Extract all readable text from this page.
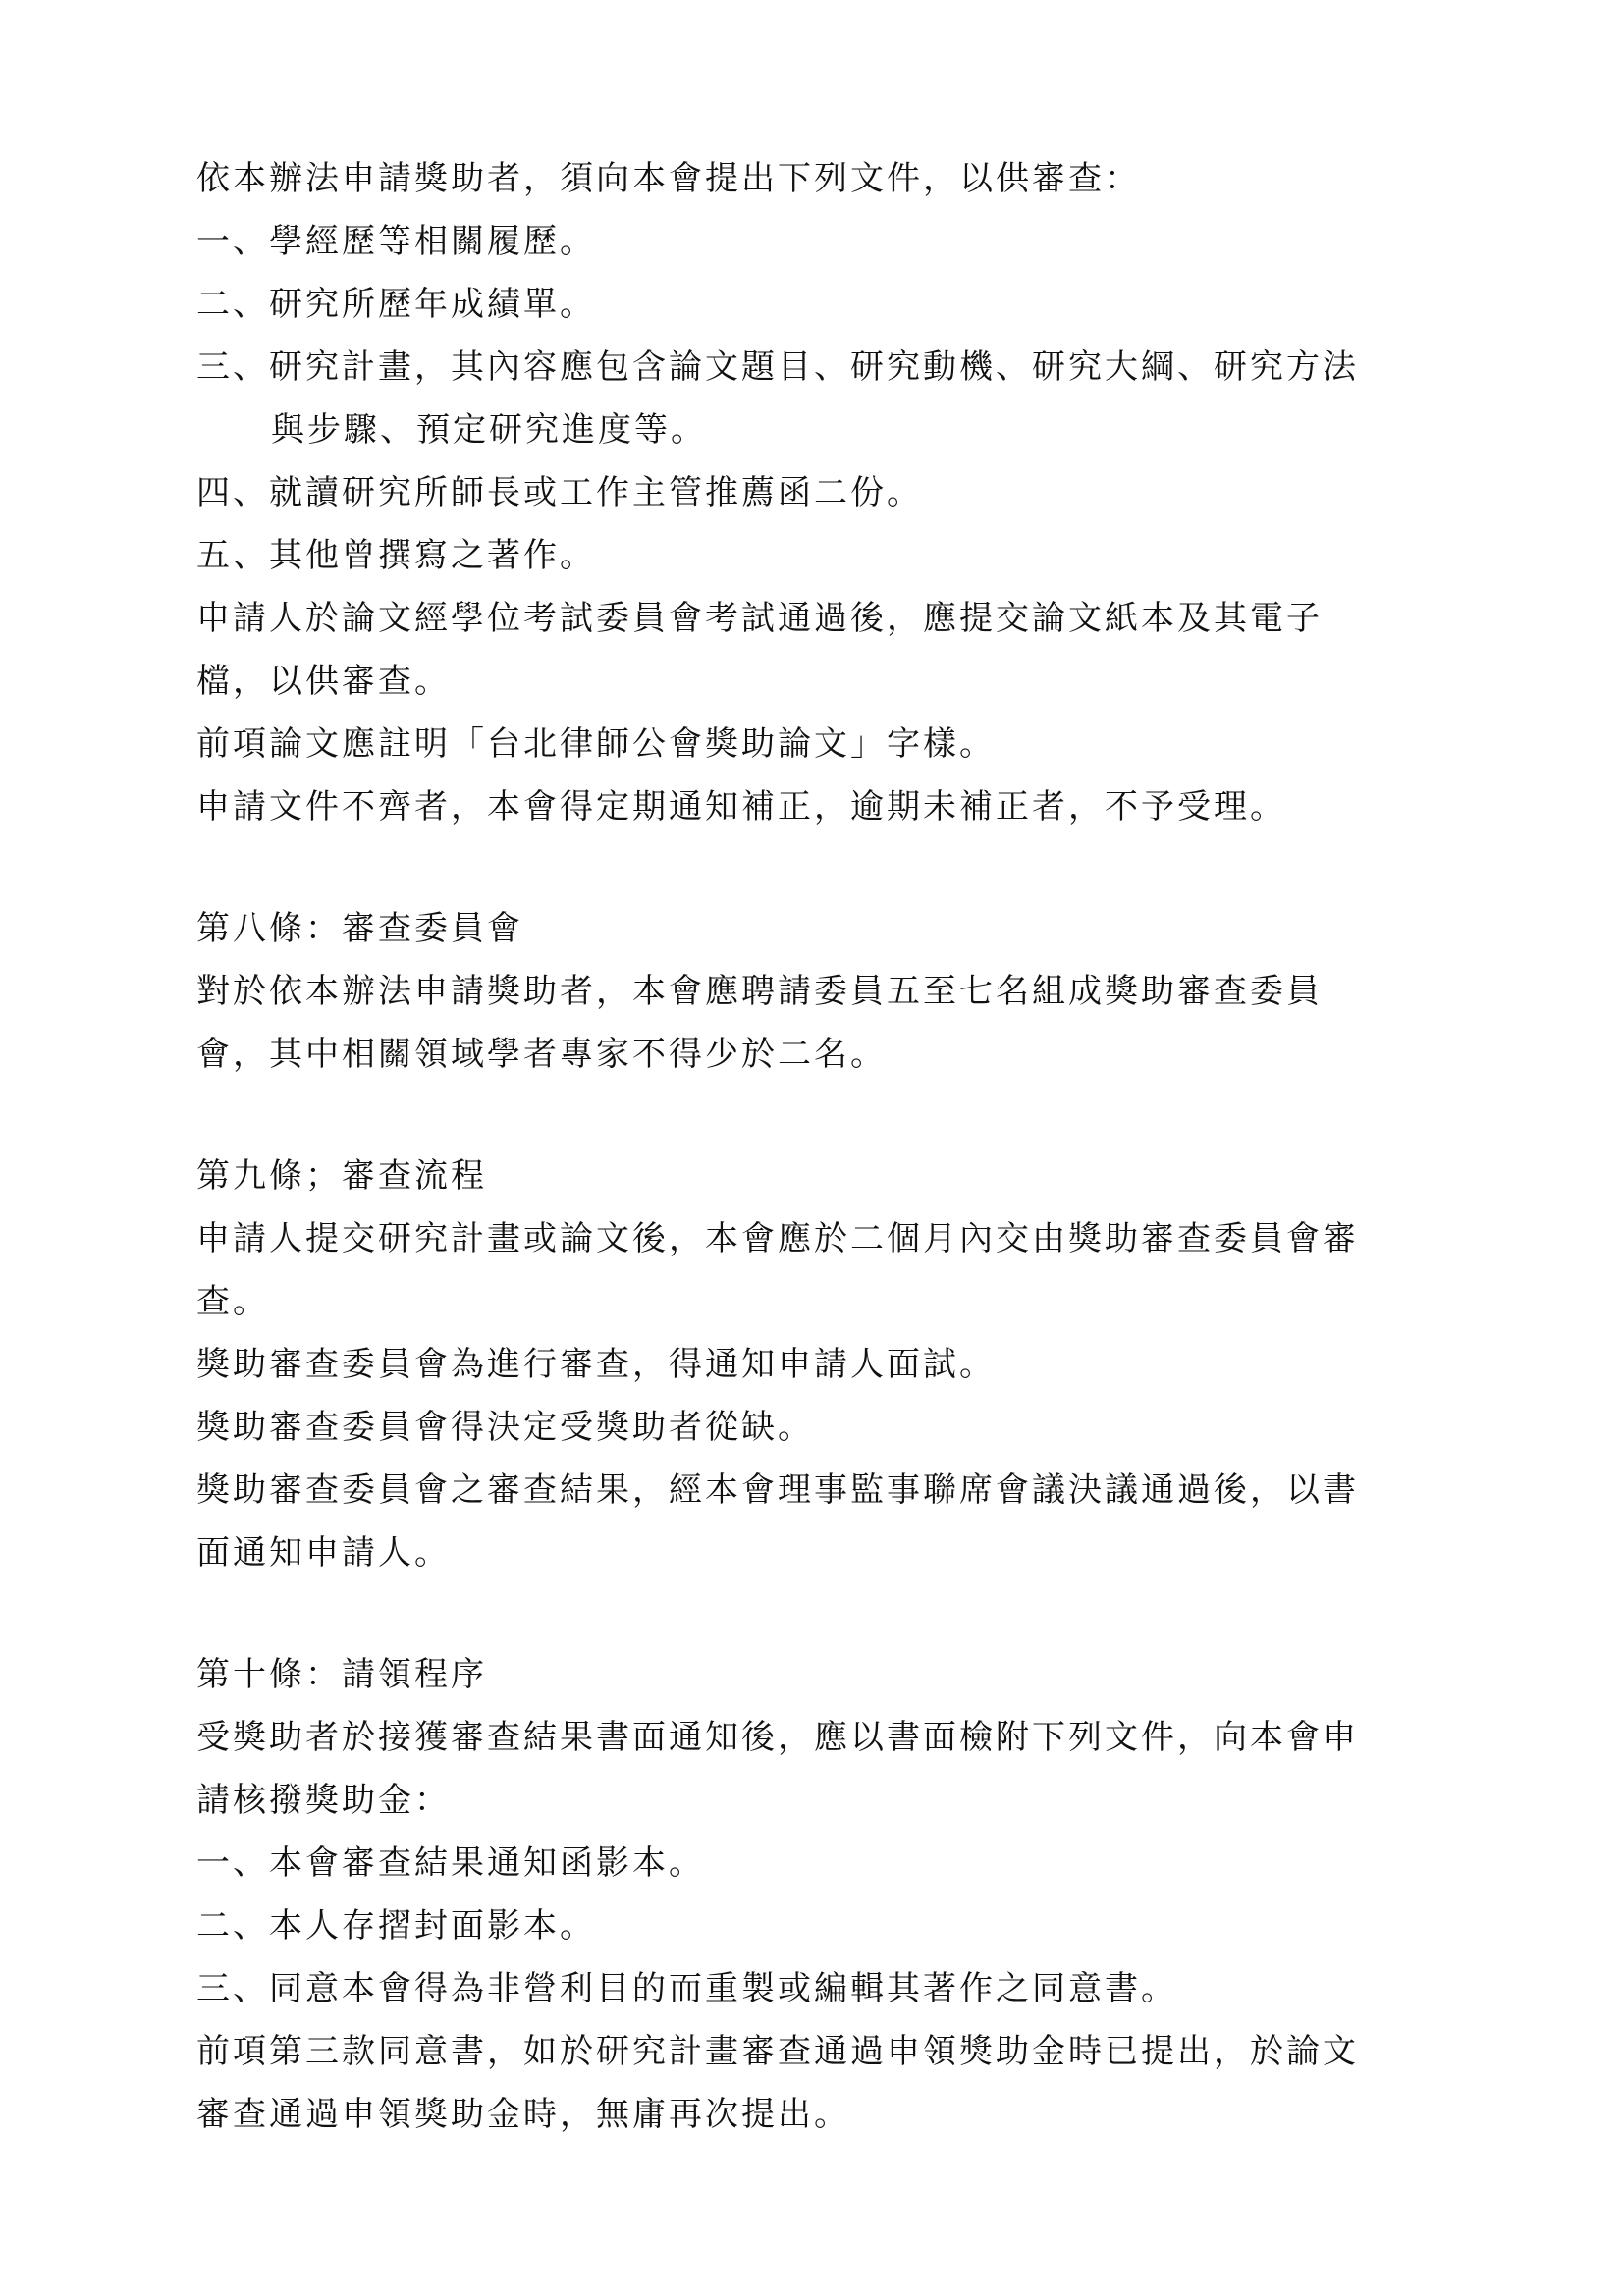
依本辦法申請獎助者，須向本會提出下列文件，以供審查：
一、學經歷等相關履歷。
二、研究所歷年成績單。
三、研究計畫，其內容應包含論文題目、研究動機、研究大綱、研究方法
與步驟、預定研究進度等。
四、就讀研究所師長或工作主管推薦函二份。
五、其他曾撰寫之著作。
申請人於論文經學位考試委員會考試通過後，應提交論文紙本及其電子
檔，以供審查。
前項論文應註明「台北律師公會獎助論文」字樣。
申請文件不齊者，本會得定期通知補正，逾期未補正者，不予受理。
第八條：審查委員會
對於依本辦法申請獎助者，本會應聘請委員五至七名組成獎助審查委員
會，其中相關領域學者專家不得少於二名。
第九條；審查流程
申請人提交研究計畫或論文後，本會應於二個月內交由獎助審查委員會審
查。
獎助審查委員會為進行審查，得通知申請人面試。
獎助審查委員會得決定受獎助者從缺。
獎助審查委員會之審查結果，經本會理事監事聯席會議決議通過後，以書
面通知申請人。
第十條：請領程序
受獎助者於接獲審查結果書面通知後，應以書面檢附下列文件，向本會申
請核撥獎助金：
一、本會審查結果通知函影本。
二、本人存摺封面影本。
三、同意本會得為非營利目的而重製或編輯其著作之同意書。
前項第三款同意書，如於研究計畫審查通過申領獎助金時已提出，於論文
審查通過申領獎助金時，無庸再次提出。
